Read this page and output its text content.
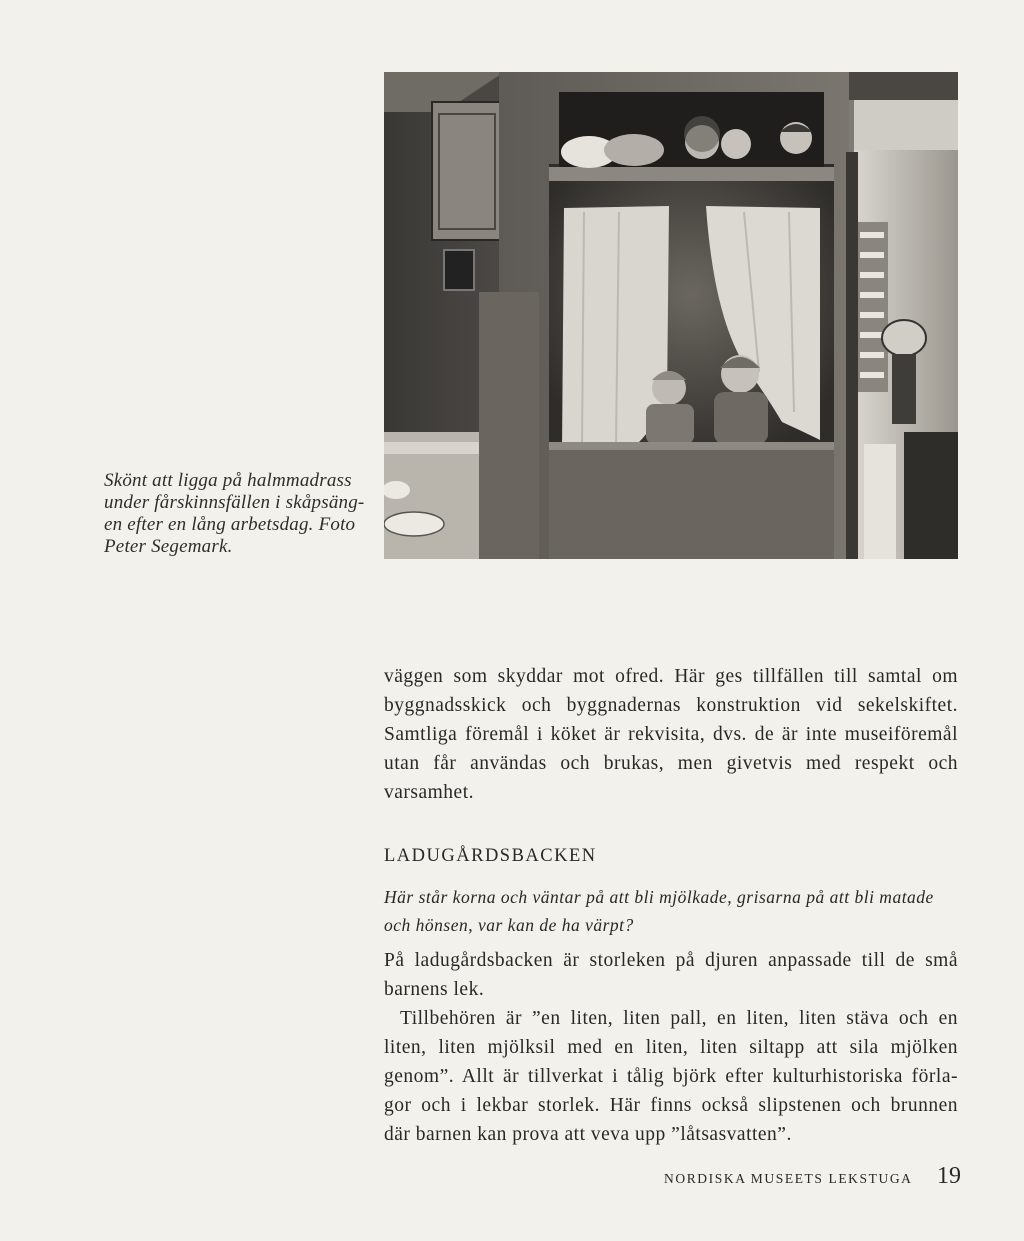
Skönt att ligga på halmmadrass
under fårskinnsfällen i skåpsäng-
en efter en lång arbetsdag. Foto
Peter Segemark.
väggen som skyddar mot ofred. Här ges tillfällen till samtal om
byggnadsskick och byggnadernas konstruktion vid sekelskiftet.
Samtliga föremål i köket är rekvisita, dvs. de är inte museiföremål
utan får användas och brukas, men givetvis med respekt och
varsamhet.
LADUGÅRDSBACKEN
Här står korna och väntar på att bli mjölkade, grisarna på att bli matade
och hönsen, var kan de ha värpt?
På ladugårdsbacken är storleken på djuren anpassade till de små
barnens lek.
Tillbehören är ”en liten, liten pall, en liten, liten stäva och en
liten, liten mjölksil med en liten, liten siltapp att sila mjölken
genom”. Allt är tillverkat i tålig björk efter kulturhistoriska förla-
gor och i lekbar storlek. Här finns också slipstenen och brunnen
där barnen kan prova att veva upp ”låtsasvatten”.
NORDISKA MUSEETS LEKSTUGA 19
